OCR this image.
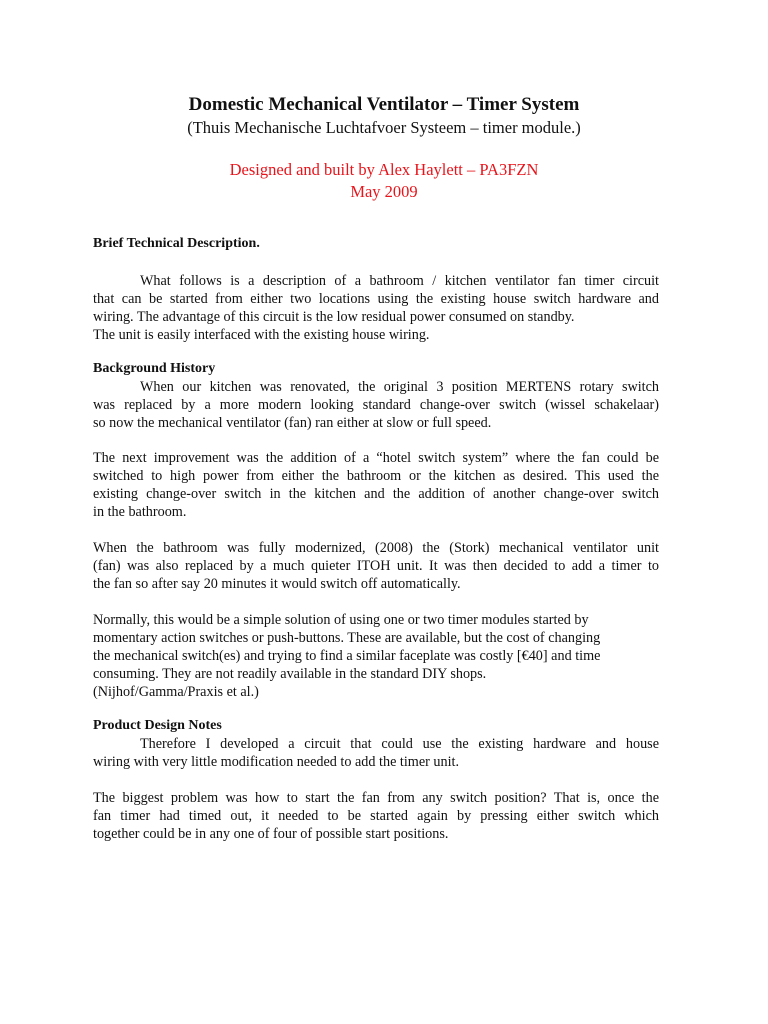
Domestic Mechanical Ventilator – Timer System
(Thuis Mechanische Luchtafvoer Systeem – timer module.)
Designed and built by Alex Haylett – PA3FZN
May 2009
Brief Technical Description.
What follows is a description of a bathroom / kitchen ventilator fan timer circuit
that can be started from either two locations using the existing house switch hardware and
wiring. The advantage of this circuit is the low residual power consumed on standby.
The unit is easily interfaced with the existing house wiring.
Background History
When our kitchen was renovated, the original 3 position MERTENS rotary switch
was replaced by a more modern looking standard change-over switch (wissel schakelaar)
so now the mechanical ventilator (fan) ran either at slow or full speed.
The next improvement was the addition of a “hotel switch system” where the fan could be
switched to high power from either the bathroom or the kitchen as desired. This used the
existing change-over switch in the kitchen and the addition of another change-over switch
in the bathroom.
When the bathroom was fully modernized, (2008) the (Stork) mechanical ventilator unit
(fan) was also replaced by a much quieter ITOH unit. It was then decided to add a timer to
the fan so after say 20 minutes it would switch off automatically.
Normally, this would be a simple solution of using one or two timer modules started by
momentary action switches or push-buttons. These are available, but the cost of changing
the mechanical switch(es) and trying to find a similar faceplate was costly [€40] and time
consuming. They are not readily available in the standard DIY shops.
(Nijhof/Gamma/Praxis et al.)
Product Design Notes
Therefore I developed a circuit that could use the existing hardware and house
wiring with very little modification needed to add the timer unit.
The biggest problem was how to start the fan from any switch position? That is, once the
fan timer had timed out, it needed to be started again by pressing either switch which
together could be in any one of four of possible start positions.
